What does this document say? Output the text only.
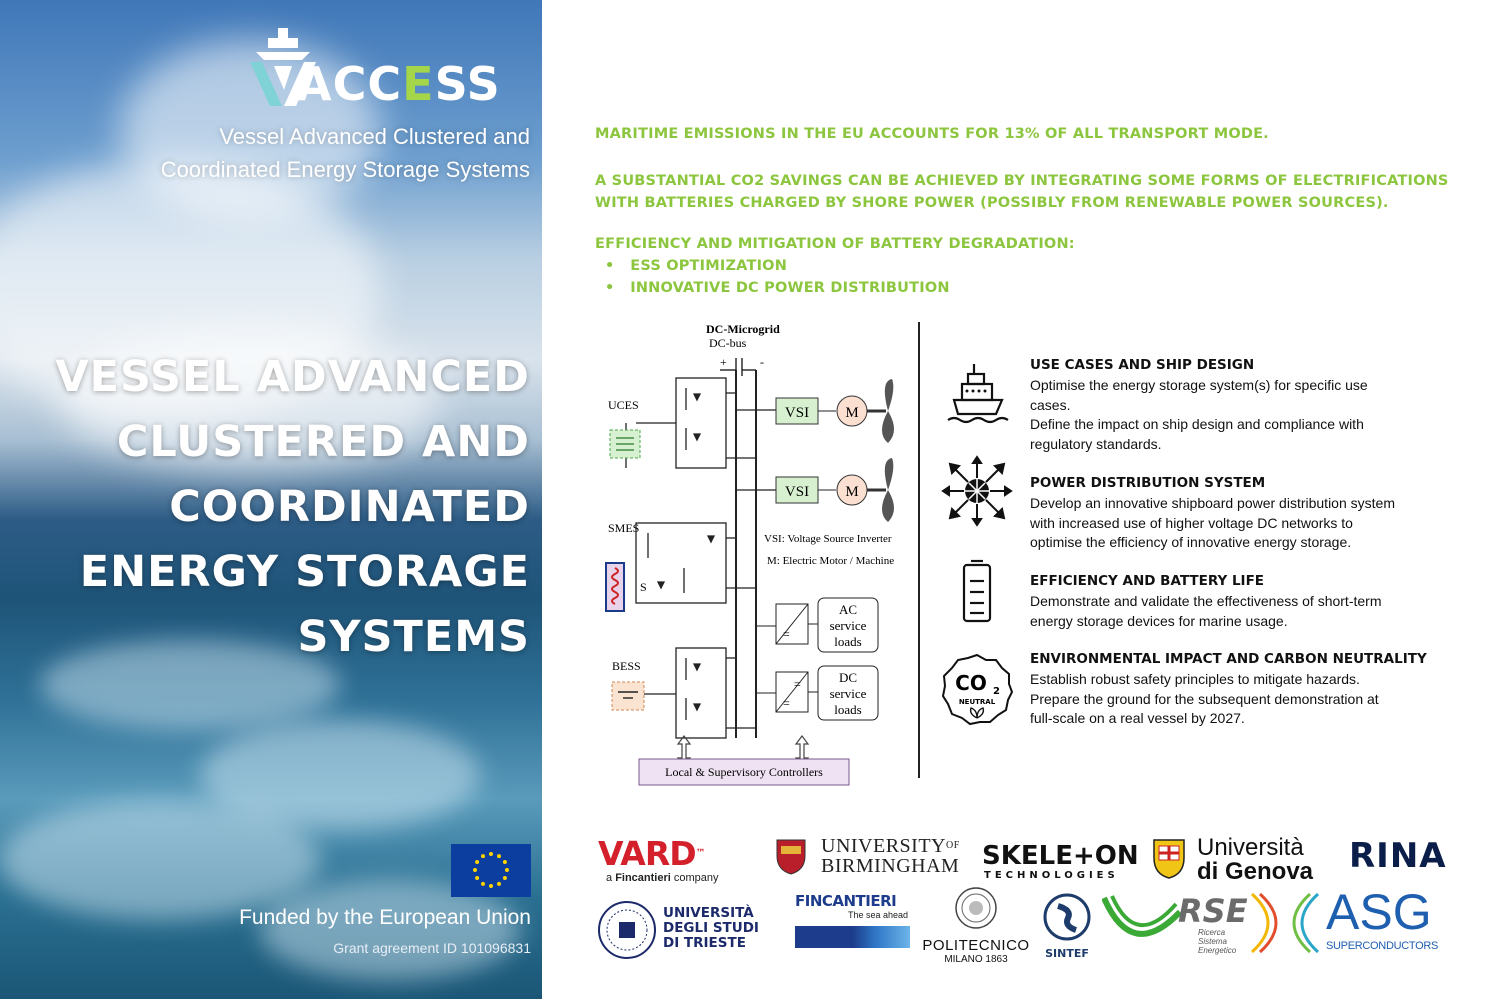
ACCESS
Vessel Advanced Clustered and
Coordinated Energy Storage Systems
VESSEL ADVANCED
CLUSTERED AND
COORDINATED
ENERGY STORAGE
SYSTEMS
Funded by the European Union
Grant agreement ID 101096831
MARITIME EMISSIONS IN THE EU ACCOUNTS FOR 13% OF ALL TRANSPORT MODE.
A SUBSTANTIAL CO2 SAVINGS CAN BE ACHIEVED BY INTEGRATING SOME FORMS OF ELECTRIFICATIONS WITH BATTERIES CHARGED BY SHORE POWER (POSSIBLY FROM RENEWABLE POWER SOURCES).
EFFICIENCY AND MITIGATION OF BATTERY DEGRADATION:
•   ESS OPTIMIZATION
•   INNOVATIVE DC POWER DISTRIBUTION
DC-Microgrid
DC-bus
+	-
UCES	VSI M
VSI M
VSI: Voltage Source Inverter
M: Electric Motor / Machine
SMES
S
=
AC
service
loads
BESS
=
=	DC
service
loads
Local & Supervisory Controllers
USE CASES AND SHIP DESIGN
Optimise the energy storage system(s) for specific use
cases.
Define the impact on ship design and compliance with
regulatory standards.
POWER DISTRIBUTION SYSTEM
Develop an innovative shipboard power distribution system
with increased use of higher voltage DC networks to
optimise the efficiency of innovative energy storage.
EFFICIENCY AND BATTERY LIFE
Demonstrate and validate the effectiveness of short-term
energy storage devices for marine usage.
CO 2
NEUTRAL
ENVIRONMENTAL IMPACT AND CARBON NEUTRALITY
Establish robust safety principles to mitigate hazards.
Prepare the ground for the subsequent demonstration at
full-scale on a real vessel by 2027.
VARD™
a Fincantieri company
$UNIVERSITY^{OF}$
BIRMINGHAM SKELE+ON
TECHNOLOGIES
Università
di Genova RINA
UNIVERSITÀ
DEGLI STUDI
DI TRIESTE
FINCANTIERI
The sea ahead
POLITECNICO
MILANO 1863	SINTEF
RSE
Ricerca
Sistema
Energetico
ASG
SUPERCONDUCTORS
